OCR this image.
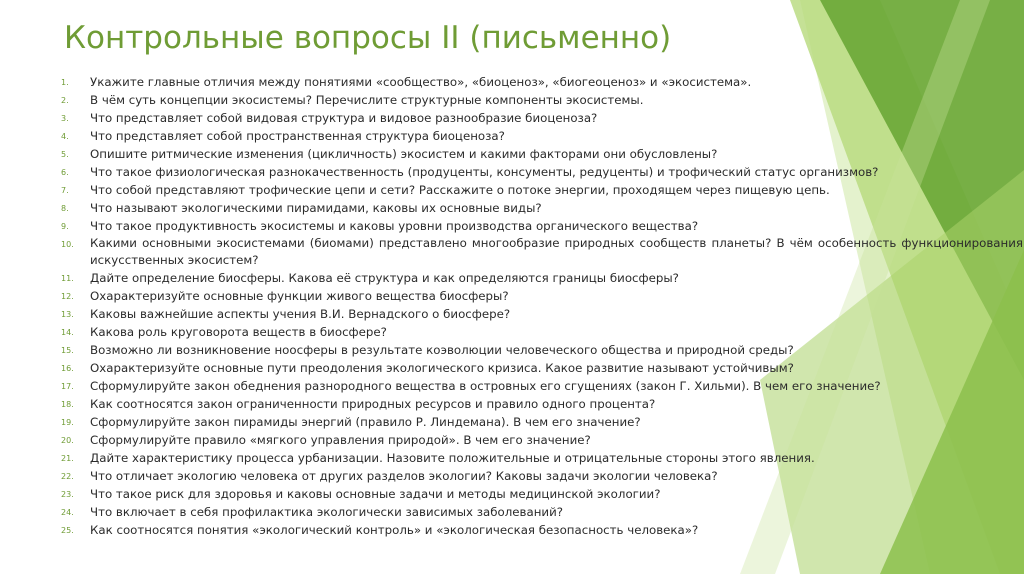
Контрольные вопросы II (письменно)
1.	Укажите главные отличия между понятиями «сообщество», «биоценоз», «биогеоценоз» и «экосистема».
2.	В чём суть концепции экосистемы? Перечислите структурные компоненты экосистемы.
3.	Что представляет собой видовая структура и видовое разнообразие биоценоза?
4.	Что представляет собой пространственная структура биоценоза?
5.	Опишите ритмические изменения (цикличность) экосистем и какими факторами они обусловлены?
6.	Что такое физиологическая разнокачественность (продуценты, консументы, редуценты) и трофический статус организмов?
7.	Что собой представляют трофические цепи и сети? Расскажите о потоке энергии, проходящем через пищевую цепь.
8.	Что называют экологическими пирамидами, каковы их основные виды?
9.	Что такое продуктивность экосистемы и каковы уровни производства органического вещества?
10.	Какими основными экосистемами (биомами) представлено многообразие природных сообществ планеты? В чём особенность функционирования искусственных экосистем?
11.	Дайте определение биосферы. Какова её структура и как определяются границы биосферы?
12.	Охарактеризуйте основные функции живого вещества биосферы?
13.	Каковы важнейшие аспекты учения В.И. Вернадского о биосфере?
14.	Какова роль круговорота веществ в биосфере?
15.	Возможно ли возникновение ноосферы в результате коэволюции человеческого общества и природной среды?
16.	Охарактеризуйте основные пути преодоления экологического кризиса. Какое развитие называют устойчивым?
17.	Сформулируйте закон обеднения разнородного вещества в островных его сгущениях (закон Г. Хильми). В чем его значение?
18.	Как соотносятся закон ограниченности природных ресурсов и правило одного процента?
19.	Сформулируйте закон пирамиды энергий (правило Р. Линдемана). В чем его значение?
20.	Сформулируйте правило «мягкого управления природой». В чем его значение?
21.	Дайте характеристику процесса урбанизации. Назовите положительные и отрицательные стороны этого явления.
22.	Что отличает экологию человека от других разделов экологии? Каковы задачи экологии человека?
23.	Что такое риск для здоровья и каковы основные задачи и методы медицинской экологии?
24.	Что включает в себя профилактика экологически зависимых заболеваний?
25.	Как соотносятся понятия «экологический контроль» и «экологическая безопасность человека»?
